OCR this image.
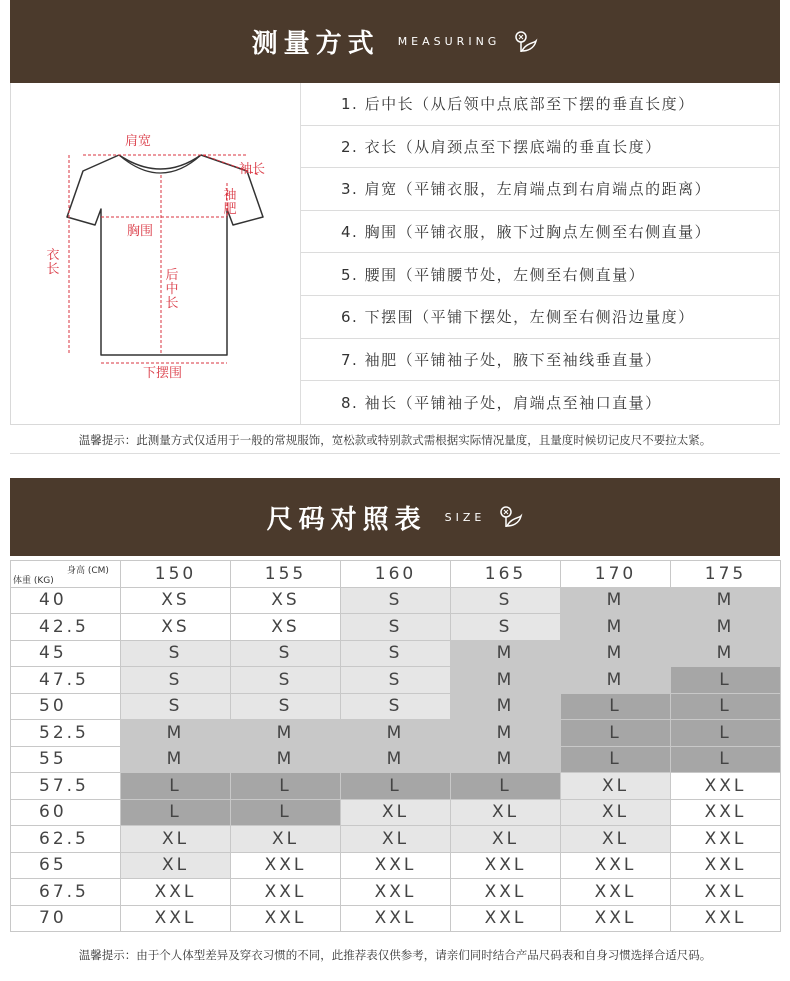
测量方式 MEASURING
肩宽
袖长
袖肥
胸围
衣长	后中长
下摆围
1. 后中长（从后领中点底部至下摆的垂直长度）
2. 衣长（从肩颈点至下摆底端的垂直长度）
3. 肩宽（平铺衣服，左肩端点到右肩端点的距离）
4. 胸围（平铺衣服，腋下过胸点左侧至右侧直量）
5. 腰围（平铺腰节处，左侧至右侧直量）
6. 下摆围（平铺下摆处，左侧至右侧沿边量度）
7. 袖肥（平铺袖子处，腋下至袖线垂直量）
8. 袖长（平铺袖子处，肩端点至袖口直量）
温馨提示：此测量方式仅适用于一般的常规服饰，宽松款或特别款式需根据实际情况量度，且量度时候切记皮尺不要拉太紧。
尺码对照表 SIZE
身高 (CM)
体重 (KG)	150	155	160	165	170	175
40	XS	XS	S	S	M	M
42.5	XS	XS	S	S	M	M
45	S	S	S	M	M	M
47.5	S	S	S	M	M	L
50	S	S	S	M	L	L
52.5	M	M	M	M	L	L
55	M	M	M	M	L	L
57.5	L	L	L	L	XL	XXL
60	L	L	XL	XL	XL	XXL
62.5	XL	XL	XL	XL	XL	XXL
65	XL	XXL	XXL	XXL	XXL	XXL
67.5	XXL	XXL	XXL	XXL	XXL	XXL
70	XXL	XXL	XXL	XXL	XXL	XXL
温馨提示：由于个人体型差异及穿衣习惯的不同，此推荐表仅供参考，请亲们同时结合产品尺码表和自身习惯选择合适尺码。
